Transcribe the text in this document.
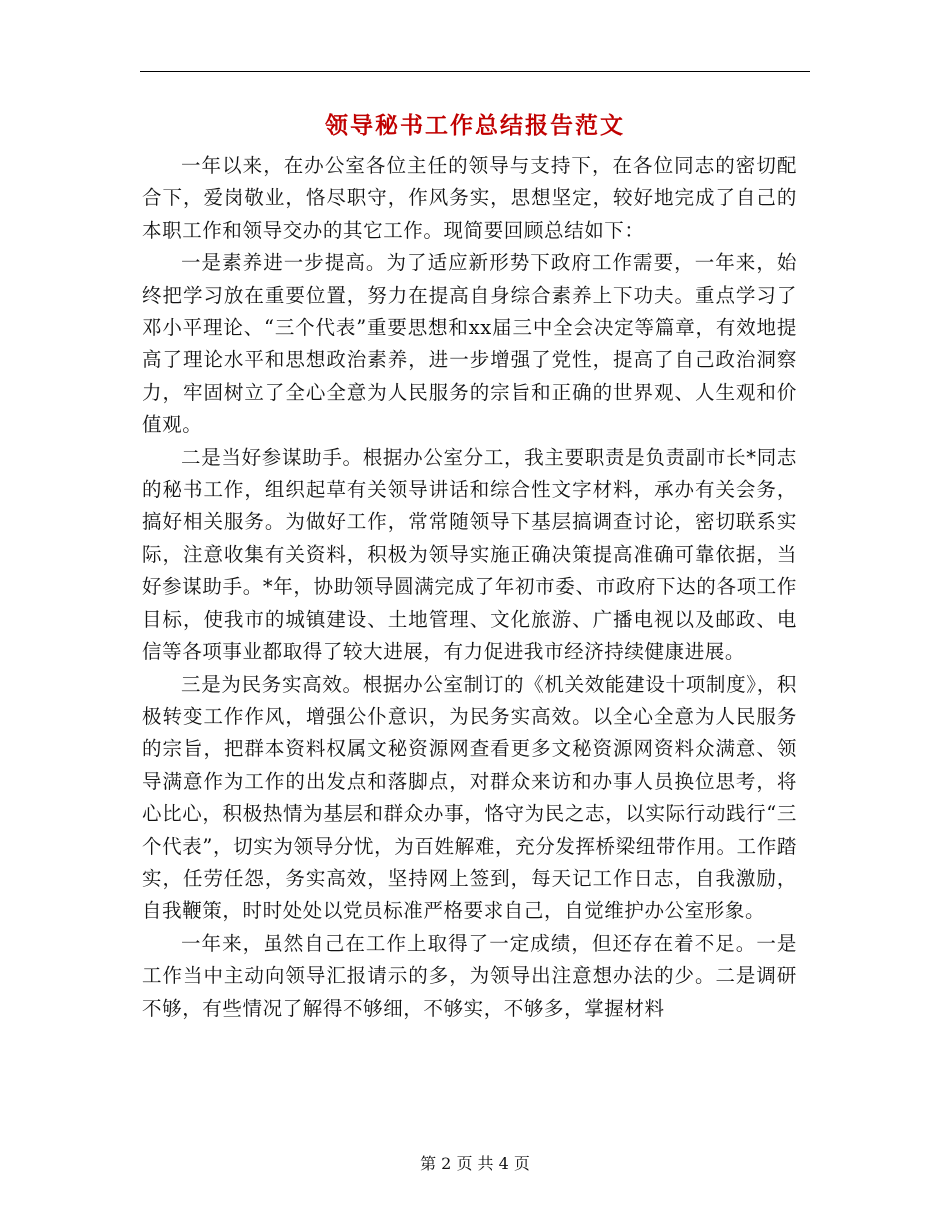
领导秘书工作总结报告范文

一年以来，在办公室各位主任的领导与支持下，在各位同志的密切配合下，爱岗敬业，恪尽职守，作风务实，思想坚定，较好地完成了自己的本职工作和领导交办的其它工作。现简要回顾总结如下：

一是素养进一步提高。为了适应新形势下政府工作需要，一年来，始终把学习放在重要位置，努力在提高自身综合素养上下功夫。重点学习了邓小平理论、“三个代表”重要思想和xx届三中全会决定等篇章，有效地提高了理论水平和思想政治素养，进一步增强了党性，提高了自己政治洞察力，牢固树立了全心全意为人民服务的宗旨和正确的世界观、人生观和价值观。

二是当好参谋助手。根据办公室分工，我主要职责是负责副市长*同志的秘书工作，组织起草有关领导讲话和综合性文字材料，承办有关会务，搞好相关服务。为做好工作，常常随领导下基层搞调查讨论，密切联系实际，注意收集有关资料，积极为领导实施正确决策提高准确可靠依据，当好参谋助手。*年，协助领导圆满完成了年初市委、市政府下达的各项工作目标，使我市的城镇建设、土地管理、文化旅游、广播电视以及邮政、电信等各项事业都取得了较大进展，有力促进我市经济持续健康进展。

三是为民务实高效。根据办公室制订的《机关效能建设十项制度》，积极转变工作作风，增强公仆意识，为民务实高效。以全心全意为人民服务的宗旨，把群本资料权属文秘资源网查看更多文秘资源网资料众满意、领导满意作为工作的出发点和落脚点，对群众来访和办事人员换位思考，将心比心，积极热情为基层和群众办事，恪守为民之志，以实际行动践行“三个代表”，切实为领导分忧，为百姓解难，充分发挥桥梁纽带作用。工作踏实，任劳任怨，务实高效，坚持网上签到，每天记工作日志，自我激励，自我鞭策，时时处处以党员标准严格要求自己，自觉维护办公室形象。

一年来，虽然自己在工作上取得了一定成绩，但还存在着不足。一是工作当中主动向领导汇报请示的多，为领导出注意想办法的少。二是调研不够，有些情况了解得不够细，不够实，不够多，掌握材料

第 2 页 共 4 页
